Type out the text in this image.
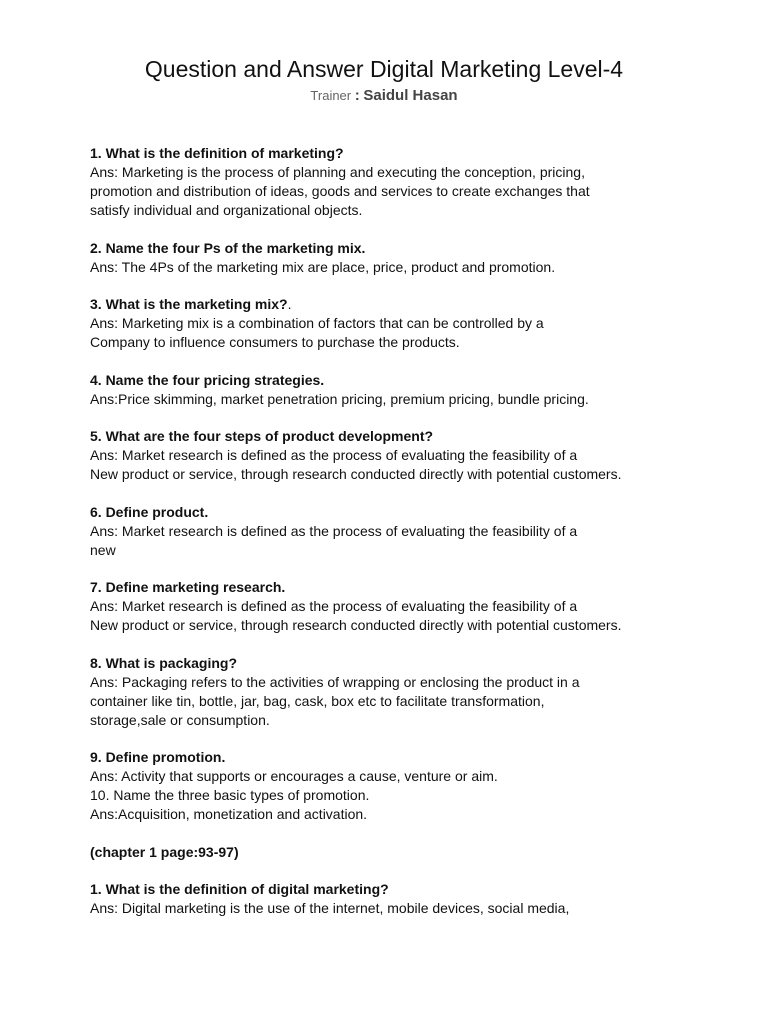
Question and Answer Digital Marketing Level-4
Trainer : Saidul Hasan
1. What is the definition of marketing?
Ans: Marketing is the process of planning and executing the conception, pricing,
promotion and distribution of ideas, goods and services to create exchanges that
satisfy individual and organizational objects.
2. Name the four Ps of the marketing mix.
Ans: The 4Ps of the marketing mix are place, price, product and promotion.
3. What is the marketing mix?.
Ans: Marketing mix is a combination of factors that can be controlled by a
Company to influence consumers to purchase the products.
4. Name the four pricing strategies.
Ans:Price skimming, market penetration pricing, premium pricing, bundle pricing.
5. What are the four steps of product development?
Ans: Market research is defined as the process of evaluating the feasibility of a
New product or service, through research conducted directly with potential customers.
6. Define product.
Ans: Market research is defined as the process of evaluating the feasibility of a
new
7. Define marketing research.
Ans: Market research is defined as the process of evaluating the feasibility of a
New product or service, through research conducted directly with potential customers.
8. What is packaging?
Ans: Packaging refers to the activities of wrapping or enclosing the product in a
container like tin, bottle, jar, bag, cask, box etc to facilitate transformation,
storage,sale or consumption.
9. Define promotion.
Ans: Activity that supports or encourages a cause, venture or aim.
10. Name the three basic types of promotion.
Ans:Acquisition, monetization and activation.
(chapter 1 page:93-97)
1. What is the definition of digital marketing?
Ans: Digital marketing is the use of the internet, mobile devices, social media,
